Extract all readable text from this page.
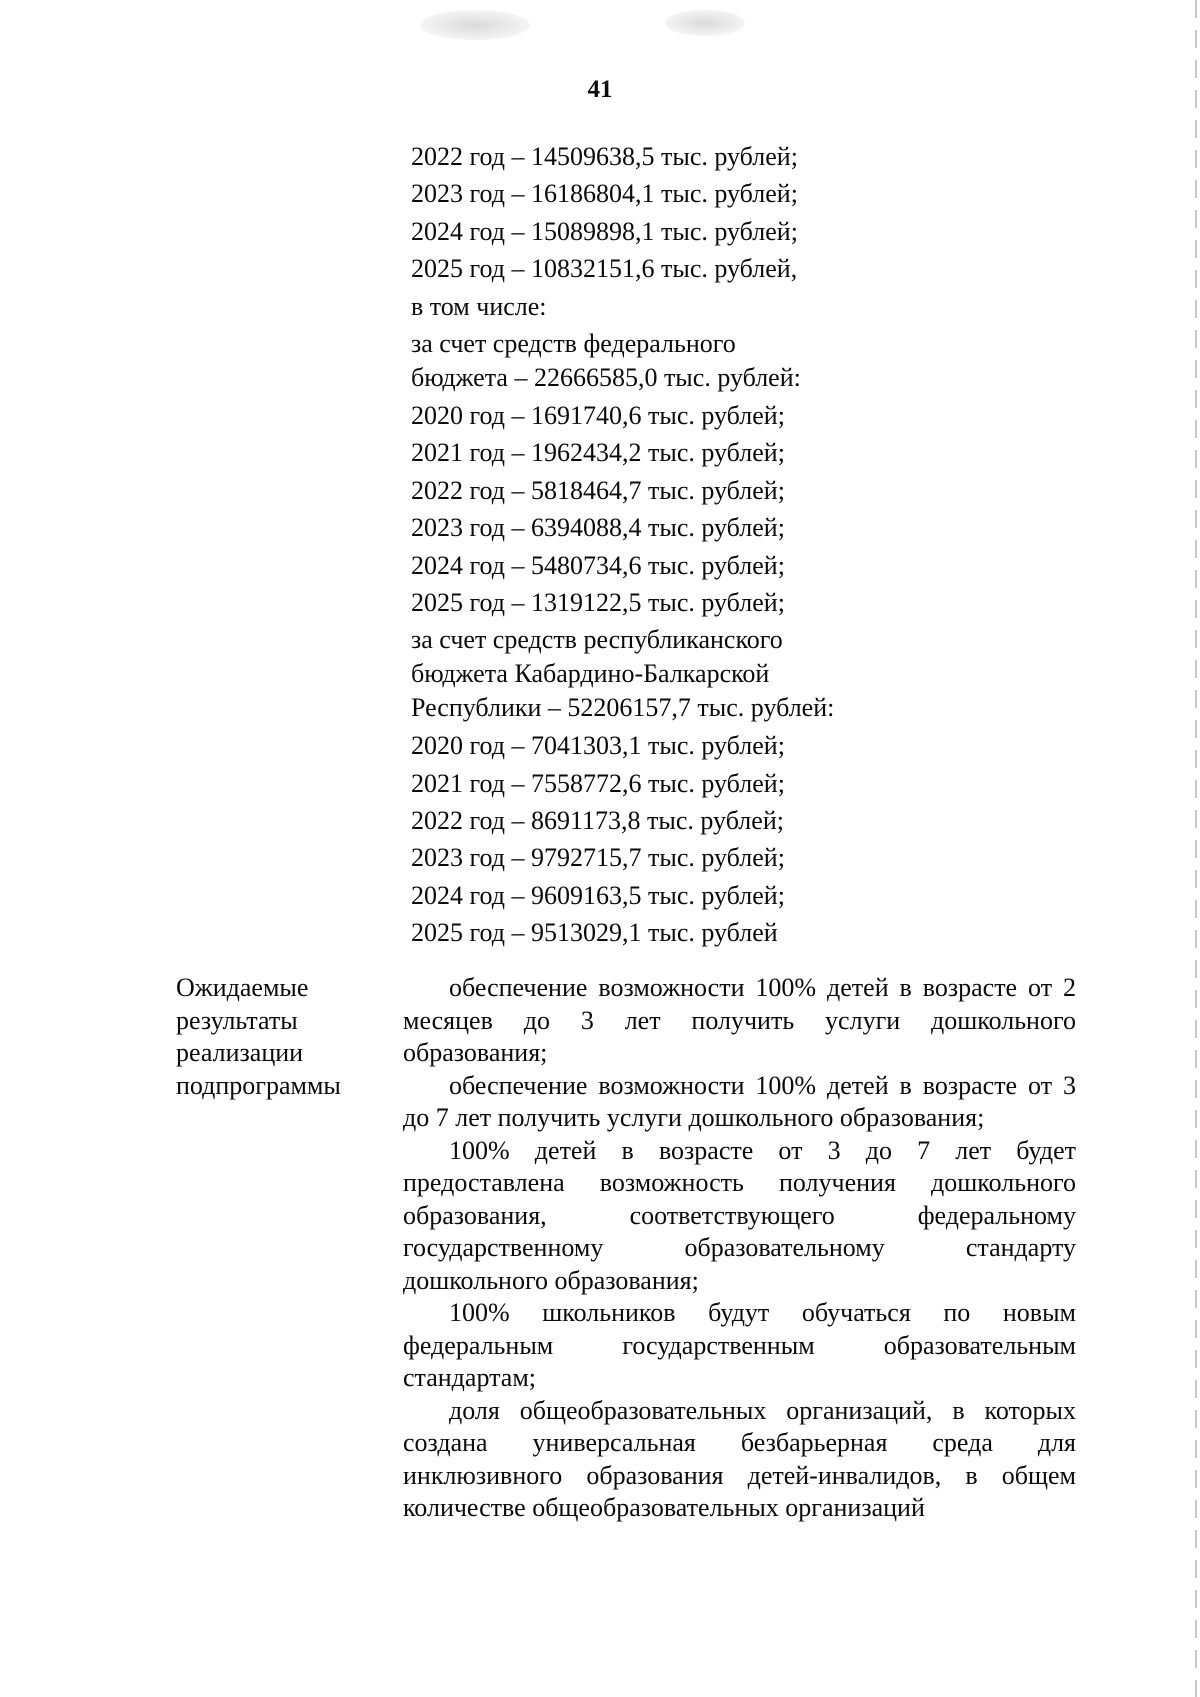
41
2022 год – 14509638,5 тыс. рублей;
2023 год – 16186804,1 тыс. рублей;
2024 год – 15089898,1 тыс. рублей;
2025 год – 10832151,6 тыс. рублей,
в том числе:
за счет средств федерального
бюджета – 22666585,0 тыс. рублей:
2020 год – 1691740,6 тыс. рублей;
2021 год – 1962434,2 тыс. рублей;
2022 год – 5818464,7 тыс. рублей;
2023 год – 6394088,4 тыс. рублей;
2024 год – 5480734,6 тыс. рублей;
2025 год – 1319122,5 тыс. рублей;
за счет средств республиканского
бюджета Кабардино-Балкарской
Республики – 52206157,7 тыс. рублей:
2020 год – 7041303,1 тыс. рублей;
2021 год – 7558772,6 тыс. рублей;
2022 год – 8691173,8 тыс. рублей;
2023 год – 9792715,7 тыс. рублей;
2024 год – 9609163,5 тыс. рублей;
2025 год – 9513029,1 тыс. рублей
Ожидаемые
результаты
реализации
подпрограммы

обеспечение возможности 100% детей в возрасте от 2 месяцев до 3 лет получить услуги дошкольного образования;

обеспечение возможности 100% детей в возрасте от 3 до 7 лет получить услуги дошкольного образования;

100% детей в возрасте от 3 до 7 лет будет предоставлена возможность получения дошкольного образования, соответствующего федеральному государственному образовательному стандарту дошкольного образования;

100% школьников будут обучаться по новым федеральным государственным образовательным стандартам;

доля общеобразовательных организаций, в которых создана универсальная безбарьерная среда для инклюзивного образования детей-инвалидов, в общем количестве общеобразовательных организаций
